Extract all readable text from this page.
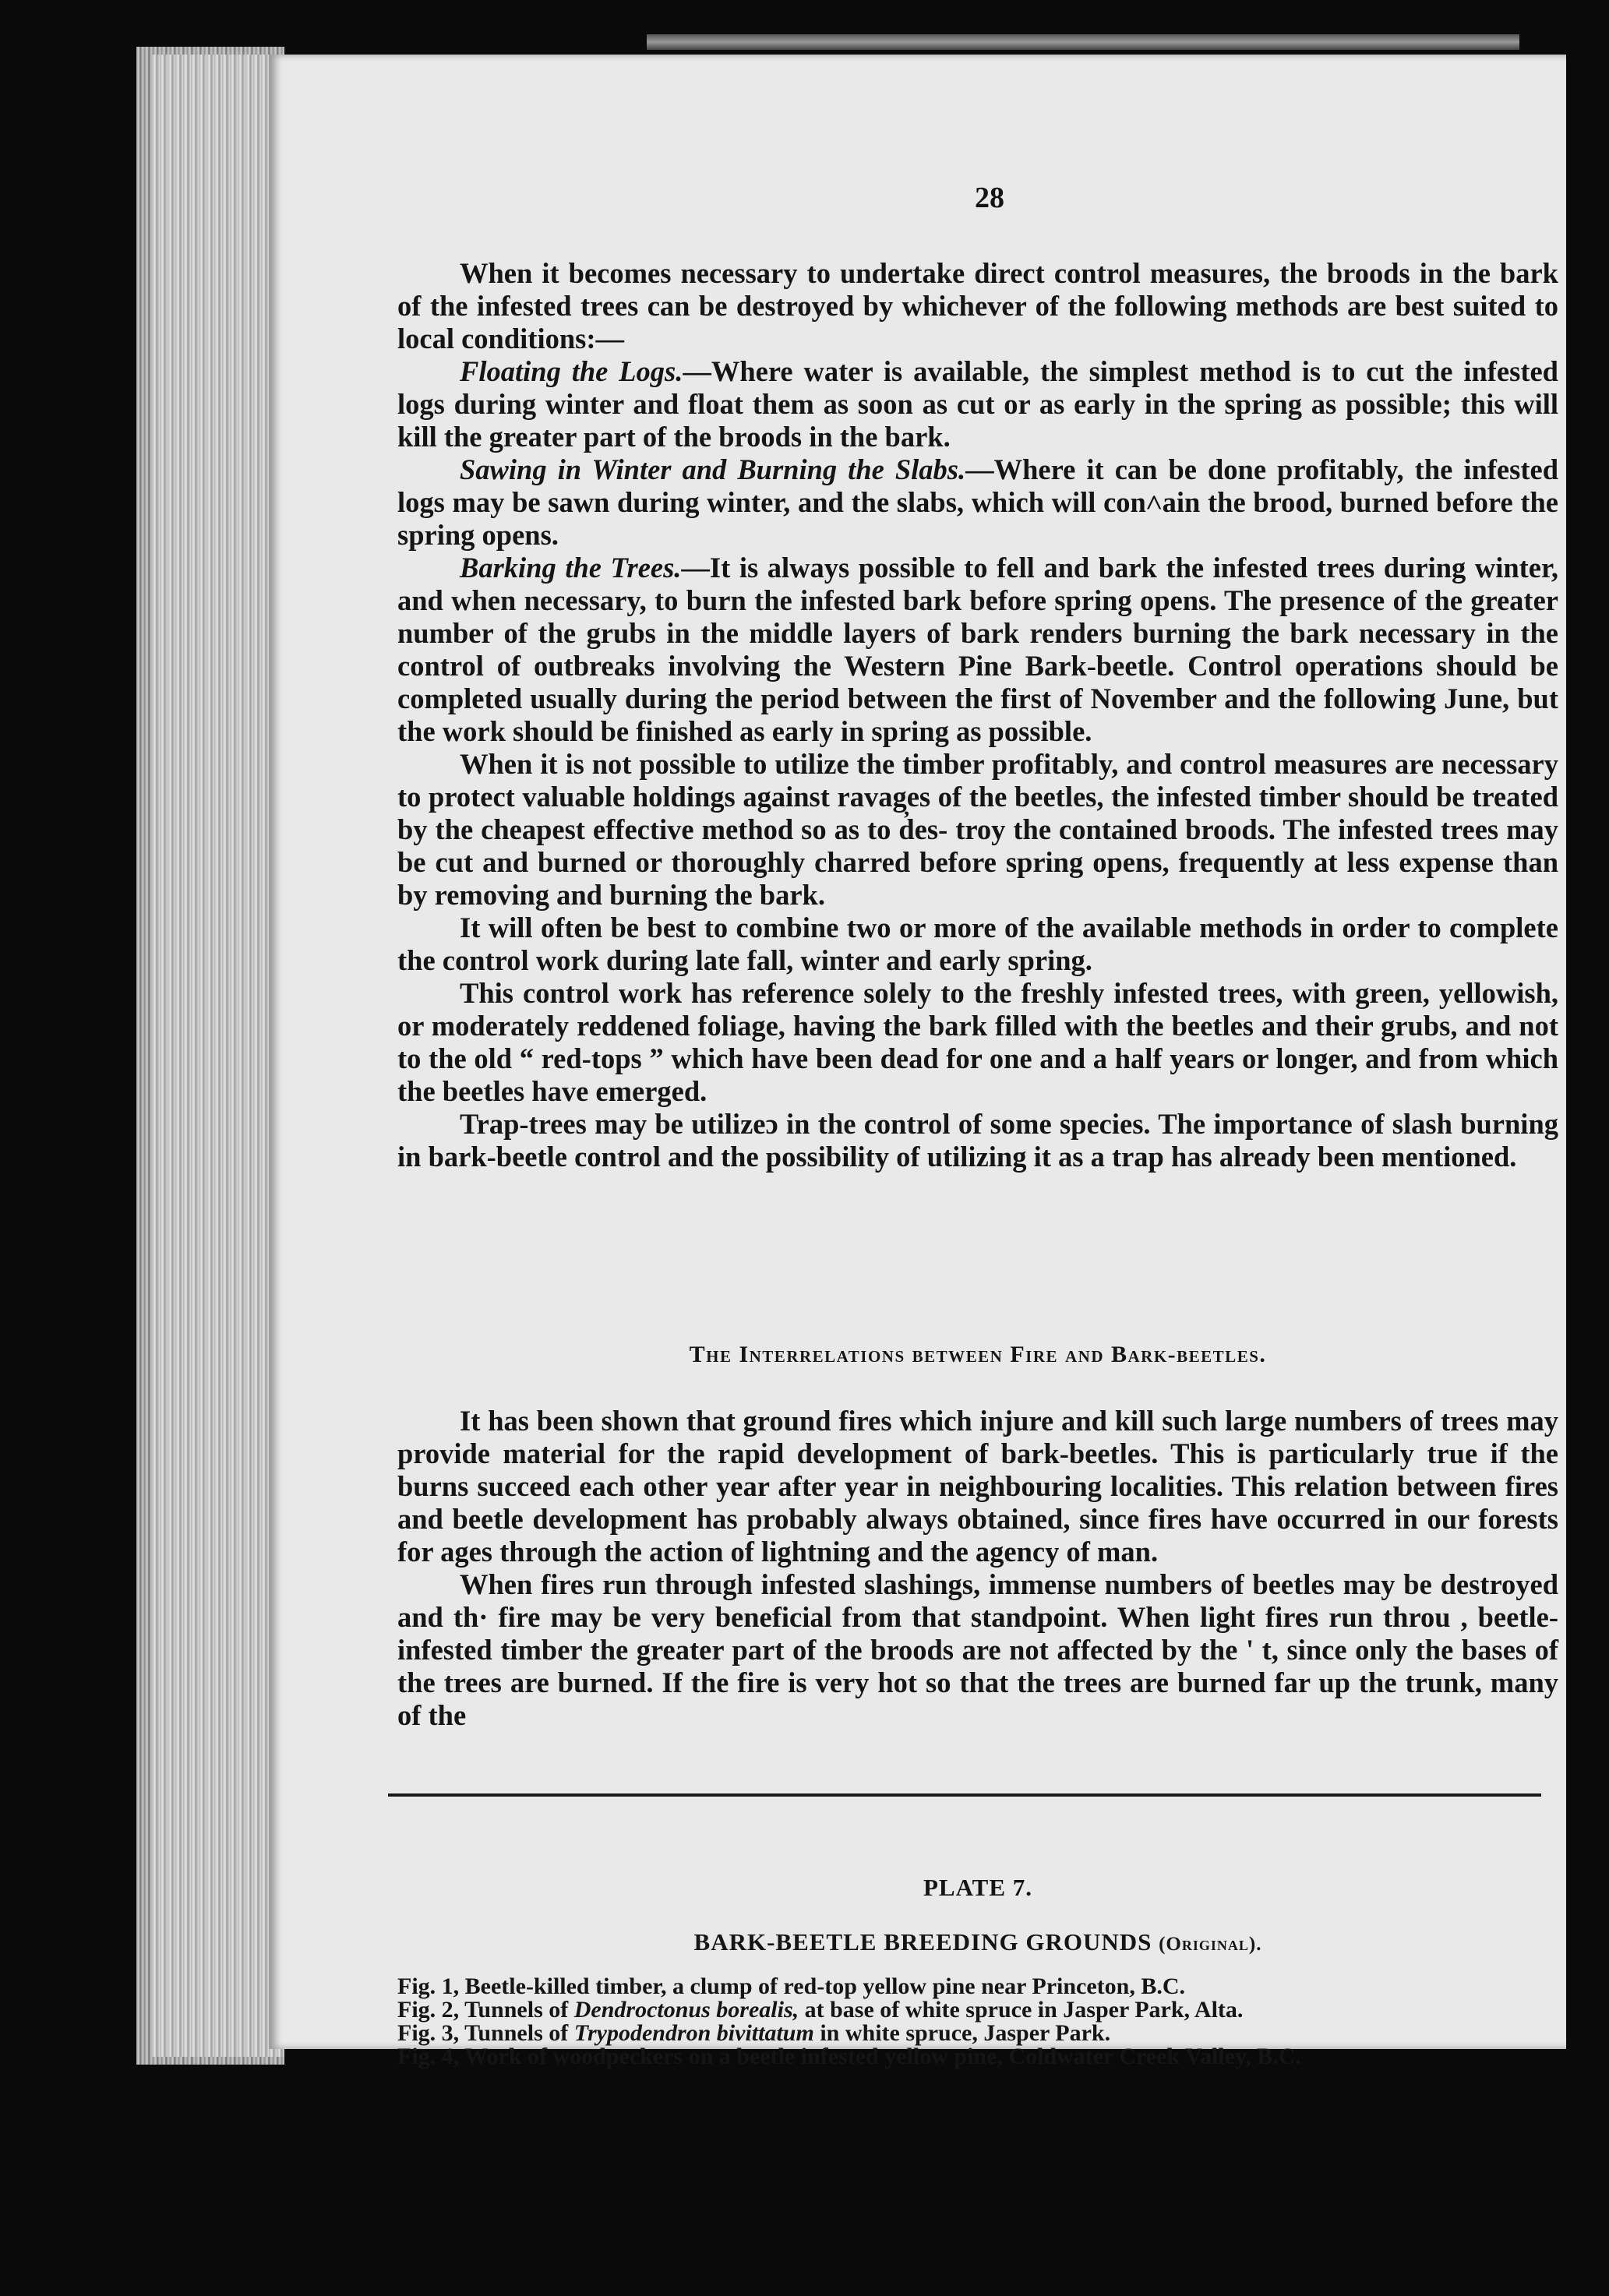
28

When it becomes necessary to undertake direct control measures, the broods in the bark of the infested trees can be destroyed by whichever of the following methods are best suited to local conditions:—

Floating the Logs.—Where water is available, the simplest method is to cut the infested logs during winter and float them as soon as cut or as early in the spring as possible; this will kill the greater part of the broods in the bark.

Sawing in Winter and Burning the Slabs.—Where it can be done profitably, the infested logs may be sawn during winter, and the slabs, which will con˄ain the brood, burned before the spring opens.

Barking the Trees.—It is always possible to fell and bark the infested trees during winter, and when necessary, to burn the infested bark before spring opens. The presence of the greater number of the grubs in the middle layers of bark renders burning the bark necessary in the control of outbreaks involving the Western Pine Bark-beetle. Control operations should be completed usually during the period between the first of November and the following June, but the work should be finished as early in spring as possible.

When it is not possible to utilize the timber profitably, and control measures are necessary to protect valuable holdings against ravages of the beetles, the infested timber should be treated by the cheapest effective method so as to d̓es- troy the contained broods. The infested trees may be cut and burned or thoroughly charred before spring opens, frequently at less expense than by removing and burning the bark.

It will often be best to combine two or more of the available methods in order to complete the control work during late fall, winter and early spring.

This control work has reference solely to the freshly infested trees, with green, yellowish, or moderately reddened foliage, having the bark filled with the beetles and their grubs, and not to the old “ red-tops ” which have been dead for one and a half years or longer, and from which the beetles have emerged.

Trap-trees may be utilizeɔ in the control of some species. The importance of slash burning in bark-beetle control and the possibility of utilizing it as a trap has already been mentioned.

The Interrelations between Fire and Bark-beetles.

It has been shown that ground fires which injure and kill such large numbers of trees may provide material for the rapid development of bark-beetles. This is particularly true if the burns succeed each other year after year in neighbouring localities. This relation between fires and beetle development has probably always obtained, since fires have occurred in our forests for ages through the action of lightning and the agency of man.

When fires run through infested slashings, immense numbers of beetles may be destroyed and th· fire may be very beneficial from that standpoint. When light fires run throu , beetle-infested timber the greater part of the broods are not affected by the ' t, since only the bases of the trees are burned. If the fire is very hot so that the trees are burned far up the trunk, many of the

PLATE 7.
BARK-BEETLE BREEDING GROUNDS (Original).
Fig. 1, Beetle-killed timber, a clump of red-top yellow pine near Princeton, B.C.
Fig. 2, Tunnels of Dendroctonus borealis, at base of white spruce in Jasper Park, Alta.
Fig. 3, Tunnels of Trypodendron bivittatum in white spruce, Jasper Park.
Fig. 4, Work of woodpeckers on a beetle infested yellow pine, Coldwater Creek Valley, B.C.
